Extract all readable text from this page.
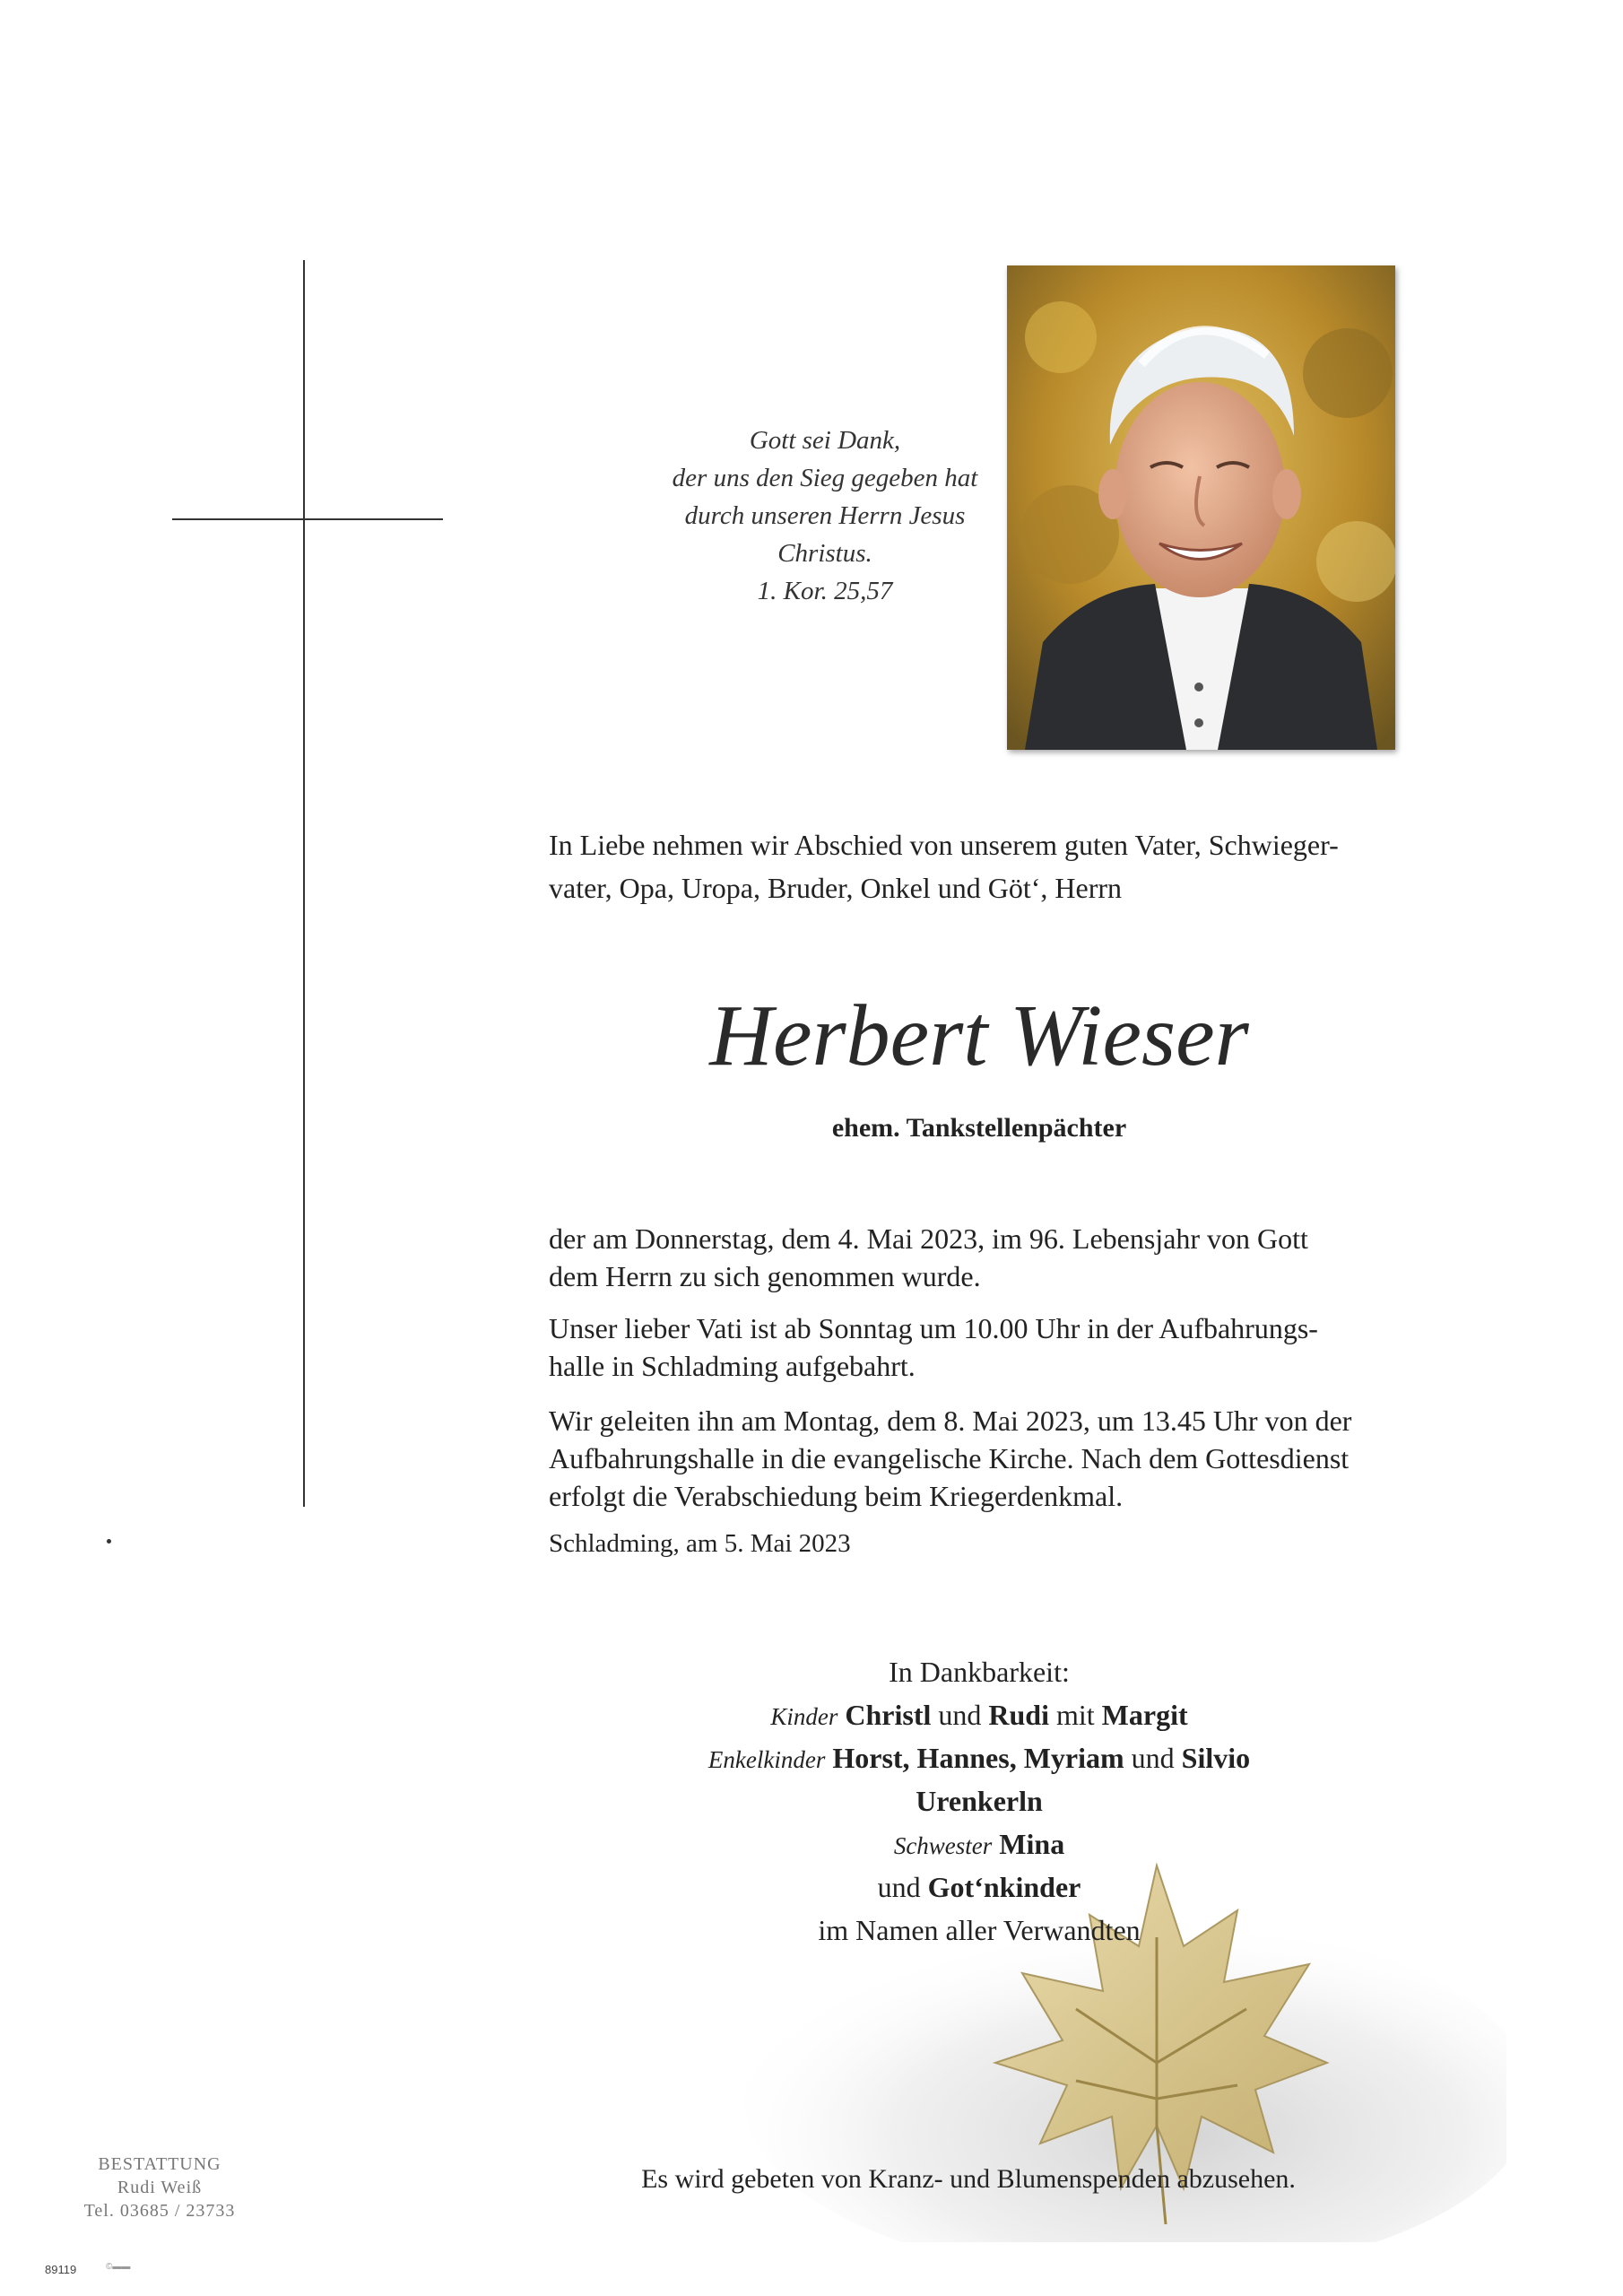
Gott sei Dank,
der uns den Sieg gegeben hat
durch unseren Herrn Jesus Christus.
1. Kor. 25,57
In Liebe nehmen wir Abschied von unserem guten Vater, Schwieger-
vater, Opa, Uropa, Bruder, Onkel und Göt‘, Herrn
Herbert Wieser
ehem. Tankstellenpächter
der am Donnerstag, dem 4. Mai 2023, im 96. Lebensjahr von Gott
dem Herrn zu sich genommen wurde.
Unser lieber Vati ist ab Sonntag um 10.00 Uhr in der Aufbahrungs-
halle in Schladming aufgebahrt.
Wir geleiten ihn am Montag, dem 8. Mai 2023, um 13.45 Uhr von der
Aufbahrungshalle in die evangelische Kirche. Nach dem Gottesdienst
erfolgt die Verabschiedung beim Kriegerdenkmal.
Schladming, am 5. Mai 2023
In Dankbarkeit:
Kinder Christl und Rudi mit Margit
Enkelkinder Horst, Hannes, Myriam und Silvio
Urenkerln
Schwester Mina
und Got‘nkinder
im Namen aller Verwandten
Es wird gebeten von Kranz- und Blumenspenden abzusehen.
BESTATTUNG
Rudi Weiß
Tel. 03685 / 23733
89119	©▬▬
